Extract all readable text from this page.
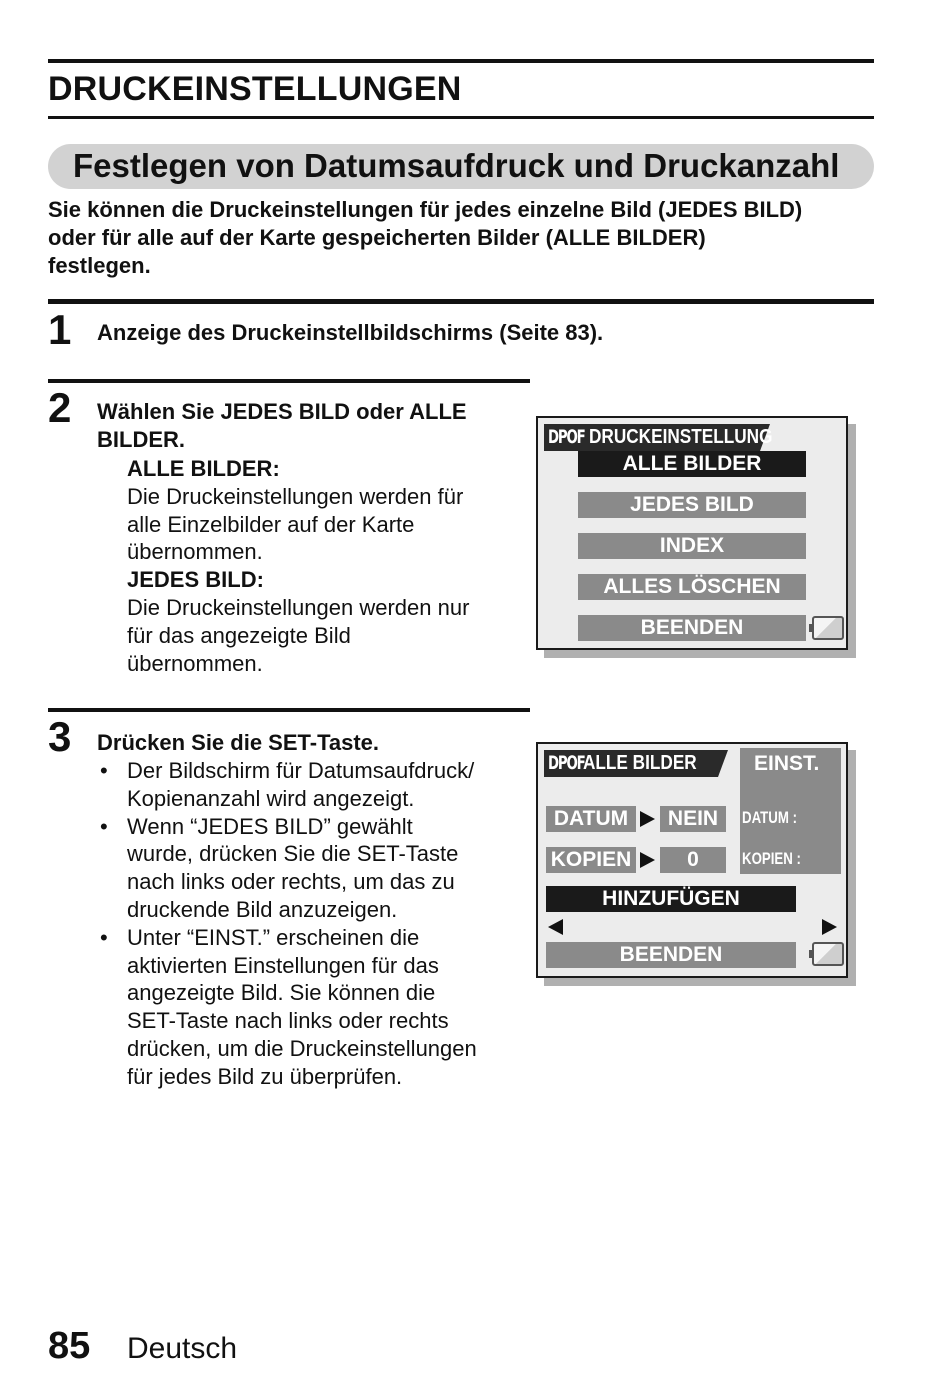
DRUCKEINSTELLUNGEN
Festlegen von Datumsaufdruck und Druckanzahl
Sie können die Druckeinstellungen für jedes einzelne Bild (JEDES BILD)
oder für alle auf der Karte gespeicherten Bilder (ALLE BILDER)
festlegen.
1 Anzeige des Druckeinstellbildschirms (Seite 83).
2 Wählen Sie JEDES BILD oder ALLE
BILDER.
ALLE BILDER:
Die Druckeinstellungen werden für
alle Einzelbilder auf der Karte
übernommen.
JEDES BILD:
Die Druckeinstellungen werden nur
für das angezeigte Bild
übernommen.
DPOF DRUCKEINSTELLUNG
ALLE BILDER
JEDES BILD
INDEX
ALLES LÖSCHEN
BEENDEN
3 Drücken Sie die SET-Taste.
• Der Bildschirm für Datumsaufdruck/
Kopienanzahl wird angezeigt.
• Wenn “JEDES BILD” gewählt
wurde, drücken Sie die SET-Taste
nach links oder rechts, um das zu
druckende Bild anzuzeigen.
• Unter “EINST.” erscheinen die
aktivierten Einstellungen für das
angezeigte Bild. Sie können die
SET-Taste nach links oder rechts
drücken, um die Druckeinstellungen
für jedes Bild zu überprüfen.
DPOF
ALLE BILDER	EINST.
DATUM :
KOPIEN :
DATUM	NEIN
KOPIEN	0
HINZUFÜGEN
BEENDEN
85 Deutsch
